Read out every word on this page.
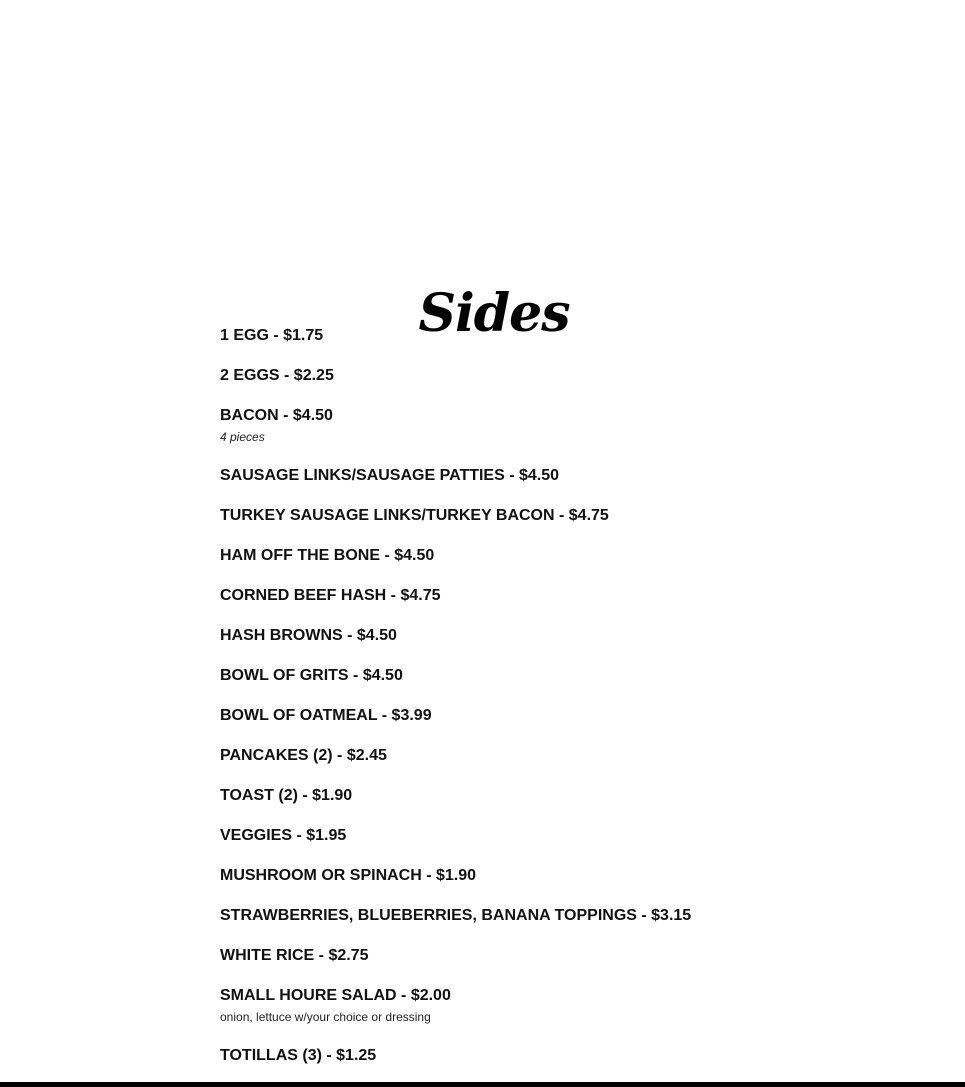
Sides
1 EGG - $1.75
2 EGGS - $2.25
BACON - $4.50
4 pieces
SAUSAGE LINKS/SAUSAGE PATTIES - $4.50
TURKEY SAUSAGE LINKS/TURKEY BACON - $4.75
HAM OFF THE BONE - $4.50
CORNED BEEF HASH - $4.75
HASH BROWNS - $4.50
BOWL OF GRITS - $4.50
BOWL OF OATMEAL - $3.99
PANCAKES (2) - $2.45
TOAST (2) - $1.90
VEGGIES - $1.95
MUSHROOM OR SPINACH - $1.90
STRAWBERRIES, BLUEBERRIES, BANANA TOPPINGS - $3.15
WHITE RICE - $2.75
SMALL HOURE SALAD - $2.00
onion, lettuce w/your choice or dressing
TOTILLAS (3) - $1.25
